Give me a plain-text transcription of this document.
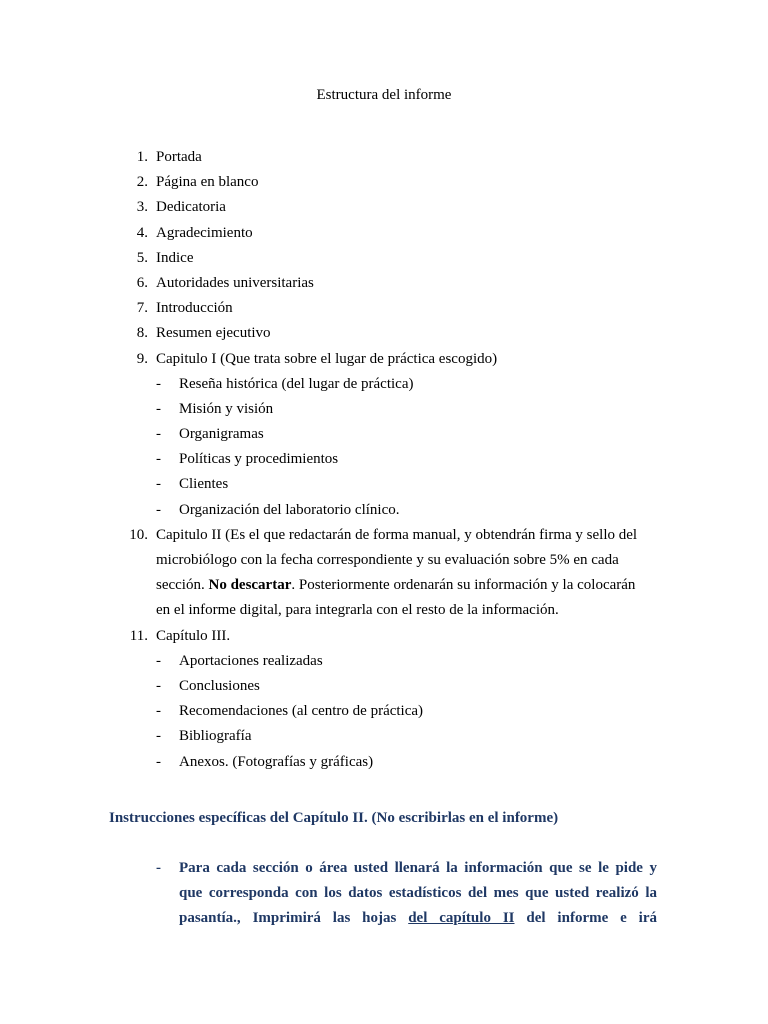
Estructura del informe
1. Portada
2. Página en blanco
3. Dedicatoria
4. Agradecimiento
5. Indice
6. Autoridades universitarias
7. Introducción
8. Resumen ejecutivo
9. Capitulo I (Que trata sobre el lugar de práctica escogido)
- Reseña histórica (del lugar de práctica)
- Misión y visión
- Organigramas
- Políticas y procedimientos
- Clientes
- Organización del laboratorio clínico.
10. Capitulo II (Es el que redactarán de forma manual, y obtendrán firma y sello del
microbiólogo con la fecha correspondiente y su evaluación sobre 5% en cada
sección. No descartar. Posteriormente ordenarán su información y la colocarán
en el informe digital, para integrarla con el resto de la información.
11. Capítulo III.
- Aportaciones realizadas
- Conclusiones
- Recomendaciones (al centro de práctica)
- Bibliografía
- Anexos. (Fotografías y gráficas)
Instrucciones específicas del Capítulo II. (No escribirlas en el informe)
- Para cada sección o área usted llenará la información que se le pide y
que corresponda con los datos estadísticos del mes que usted realizó la
pasantía., Imprimirá las hojas del capítulo II del informe e irá
